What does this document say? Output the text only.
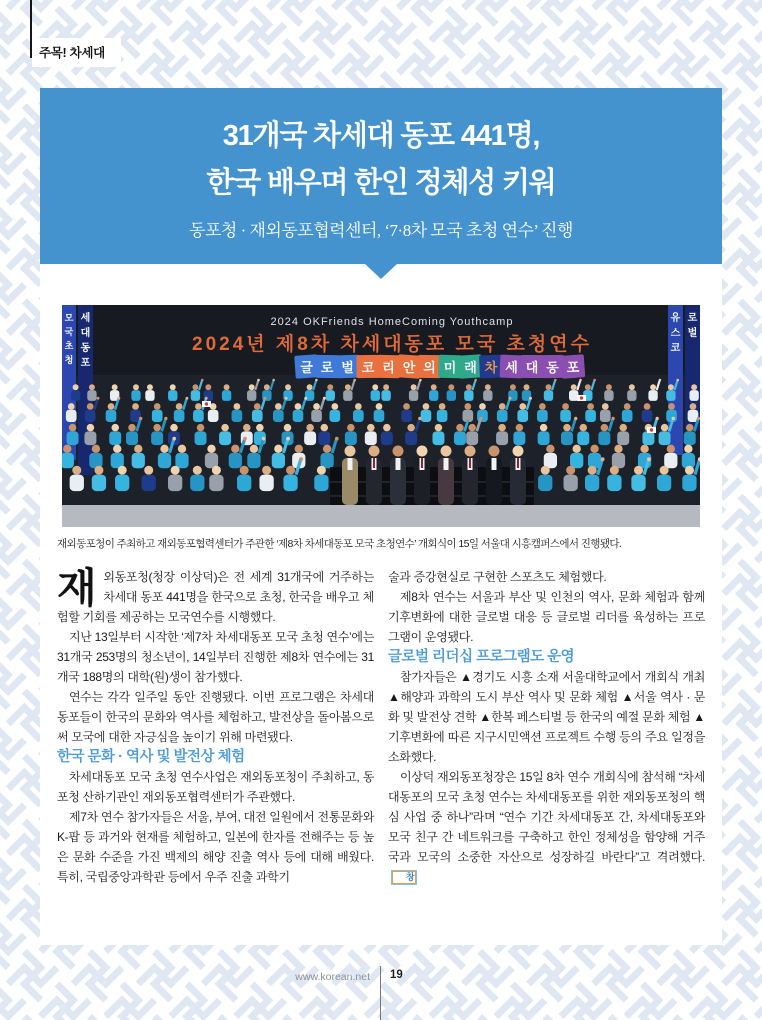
주목! 차세대
31개국 차세대 동포 441명,
한국 배우며 한인 정체성 키워
동포청 · 재외동포협력센터, ‘7·8차 모국 초청 연수’ 진행
2024 OKFriends HomeComing Youthcamp
2024년 제8차 차세대동포 모국 초청연수
모
국
초
청
세
대
동
포
유
스
코
로
벌
글 로 벌 코 리 안 의 미 래 차 세 대 동 포
재외동포청이 주최하고 재외동포협력센터가 주관한 ‘제8차 차세대동포 모국 초청연수’ 개회식이 15일 서울대 시흥캠퍼스에서 진행됐다.

재외동포청(청장 이상덕)은 전 세계 31개국에 거주하는 차세대 동포 441명을 한국으로 초청, 한국을 배우고 체험할 기회를 제공하는 모국연수를 시행했다.

지난 13일부터 시작한 ‘제7차 차세대동포 모국 초청 연수’에는 31개국 253명의 청소년이, 14일부터 진행한 제8차 연수에는 31개국 188명의 대학(원)생이 참가했다.

연수는 각각 일주일 동안 진행됐다. 이번 프로그램은 차세대 동포들이 한국의 문화와 역사를 체험하고, 발전상을 돌아봄으로써 모국에 대한 자긍심을 높이기 위해 마련됐다.

한국 문화 · 역사 및 발전상 체험

차세대동포 모국 초청 연수사업은 재외동포청이 주최하고, 동포청 산하기관인 재외동포협력센터가 주관했다.

제7차 연수 참가자들은 서울, 부여, 대전 일원에서 전통문화와 K-팝 등 과거와 현재를 체험하고, 일본에 한자를 전해주는 등 높은 문화 수준을 가진 백제의 해양 진출 역사 등에 대해 배웠다. 특히, 국립중앙과학관 등에서 우주 진출 과학기

술과 증강현실로 구현한 스포츠도 체험했다.

제8차 연수는 서울과 부산 및 인천의 역사, 문화 체험과 함께 기후변화에 대한 글로벌 대응 등 글로벌 리더를 육성하는 프로그램이 운영됐다.

글로벌 리더십 프로그램도 운영

참가자들은 ▲경기도 시흥 소재 서울대학교에서 개회식 개최 ▲해양과 과학의 도시 부산 역사 및 문화 체험 ▲서울 역사 · 문화 및 발전상 견학 ▲한복 페스티벌 등 한국의 예절 문화 체험 ▲기후변화에 따른 지구시민액션 프로젝트 수행 등의 주요 일정을 소화했다.

이상덕 재외동포청장은 15일 8차 연수 개회식에 참석해 “차세대동포의 모국 초청 연수는 차세대동포를 위한 재외동포청의 핵심 사업 중 하나”라며 “연수 기간 차세대동포 간, 차세대동포와 모국 친구 간 네트워크를 구축하고 한인 정체성을 함양해 거주국과 모국의 소중한 자산으로 성장하길 바란다”고 격려했다.창

www.korean.net 19
